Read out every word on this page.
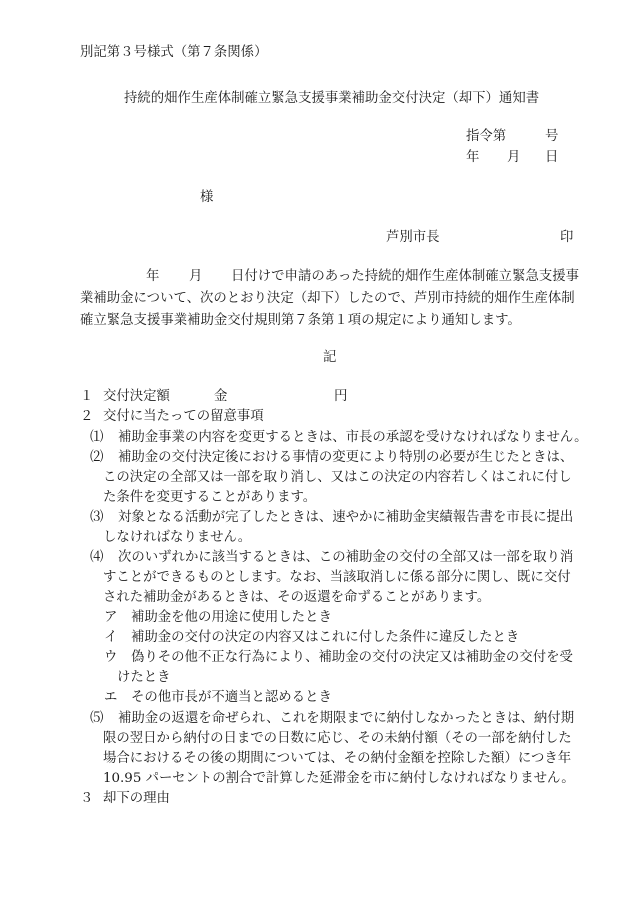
別記第３号様式（第７条関係）
持続的畑作生産体制確立緊急支援事業補助金交付決定（却下）通知書
指令第	号
年 月 日
様
芦別市長	印
年 月 日付けで申請のあった持続的畑作生産体制確立緊急支援事
業補助金について、次のとおり決定（却下）したので、芦別市持続的畑作生産体制
確立緊急支援事業補助金交付規則第７条第１項の規定により通知します。
記
１ 交付決定額	金	円
２ 交付に当たっての留意事項
⑴ 補助金事業の内容を変更するときは、市長の承認を受けなければなりません。
⑵ 補助金の交付決定後における事情の変更により特別の必要が生じたときは、
この決定の全部又は一部を取り消し、又はこの決定の内容若しくはこれに付し
た条件を変更することがあります。
⑶ 対象となる活動が完了したときは、速やかに補助金実績報告書を市長に提出
しなければなりません。
⑷ 次のいずれかに該当するときは、この補助金の交付の全部又は一部を取り消
すことができるものとします。なお、当該取消しに係る部分に関し、既に交付
された補助金があるときは、その返還を命ずることがあります。
ア 補助金を他の用途に使用したとき
イ 補助金の交付の決定の内容又はこれに付した条件に違反したとき
ウ 偽りその他不正な行為により、補助金の交付の決定又は補助金の交付を受
けたとき
エ その他市長が不適当と認めるとき
⑸ 補助金の返還を命ぜられ、これを期限までに納付しなかったときは、納付期
限の翌日から納付の日までの日数に応じ、その未納付額（その一部を納付した
場合におけるその後の期間については、その納付金額を控除した額）につき年
10.95 パーセントの割合で計算した延滞金を市に納付しなければなりません。
３ 却下の理由
